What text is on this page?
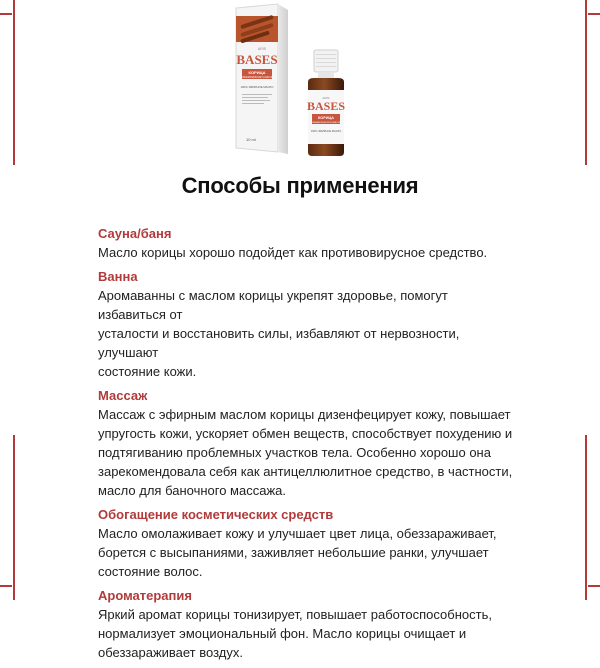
ARIS
BASES
КОРИЦА
CINNAMOMUM ZEYLANICUM
100% ЭФИРНОЕ МАСЛО
10 ml
ARIS
BASES
КОРИЦА
CINNAMOMUM ZEYLANICUM
100% ЭФИРНОЕ МАСЛО
Способы применения
Сауна/баня
Масло корицы хорошо подойдет как противовирусное средство.
Ванна
Аромаванны с маслом корицы укрепят здоровье, помогут избавиться от
усталости и восстановить силы, избавляют от нервозности, улучшают
состояние кожи.
Массаж
Массаж с эфирным маслом корицы дизенфецирует кожу, повышает
упругость кожи, ускоряет обмен веществ, способствует похудению и
подтягиванию проблемных участков тела. Особенно хорошо она
зарекомендовала себя как антицеллюлитное средство, в частности,
масло для баночного массажа.
Обогащение косметических средств
Масло омолаживает кожу и улучшает цвет лица, обеззараживает,
борется с высыпаниями, заживляет небольшие ранки, улучшает
состояние волос.
Ароматерапия
Яркий аромат корицы тонизирует, повышает работоспособность,
нормализует эмоциональный фон. Масло корицы очищает и
обеззараживает воздух.
